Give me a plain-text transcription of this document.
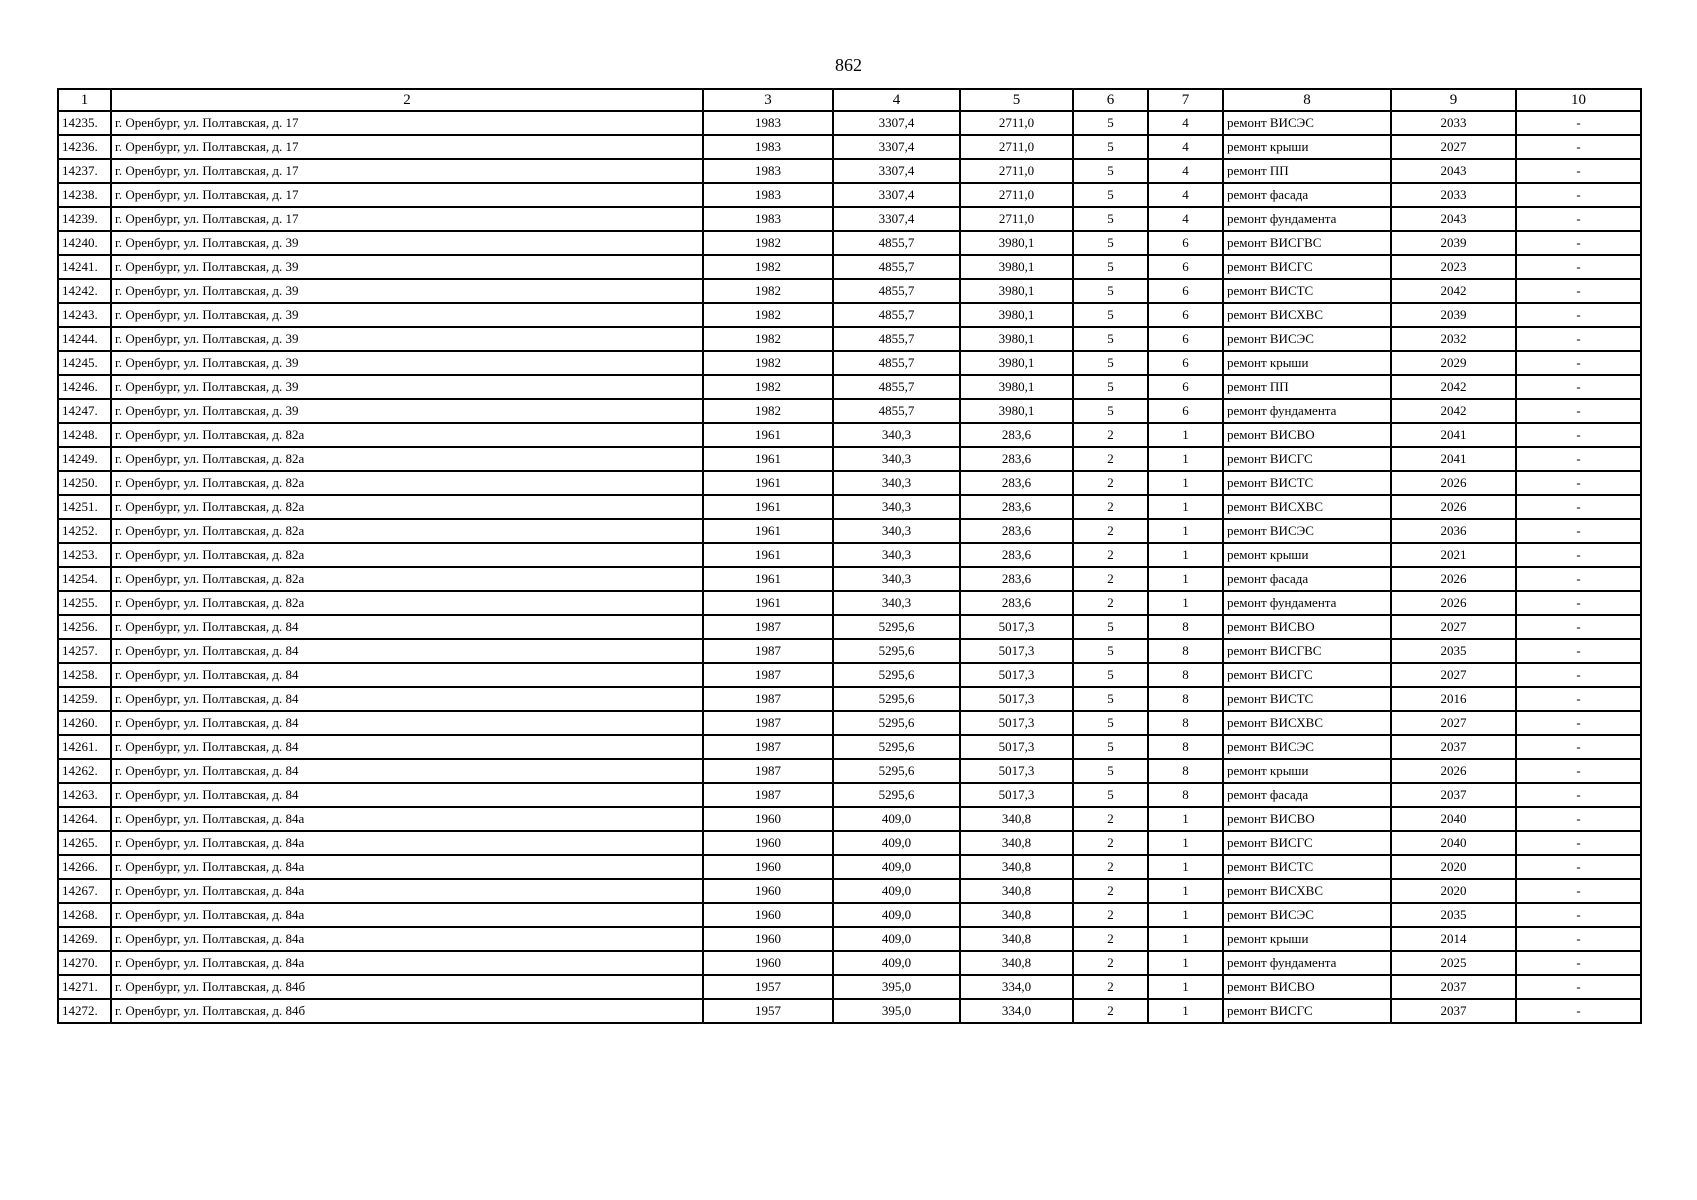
862
1	2	3	4	5	6	7	8	9	10
14235.	г. Оренбург, ул. Полтавская, д. 17	1983	3307,4	2711,0	5	4	ремонт ВИСЭС	2033	-
14236.	г. Оренбург, ул. Полтавская, д. 17	1983	3307,4	2711,0	5	4	ремонт крыши	2027	-
14237.	г. Оренбург, ул. Полтавская, д. 17	1983	3307,4	2711,0	5	4	ремонт ПП	2043	-
14238.	г. Оренбург, ул. Полтавская, д. 17	1983	3307,4	2711,0	5	4	ремонт фасада	2033	-
14239.	г. Оренбург, ул. Полтавская, д. 17	1983	3307,4	2711,0	5	4	ремонт фундамента	2043	-
14240.	г. Оренбург, ул. Полтавская, д. 39	1982	4855,7	3980,1	5	6	ремонт ВИСГВС	2039	-
14241.	г. Оренбург, ул. Полтавская, д. 39	1982	4855,7	3980,1	5	6	ремонт ВИСГС	2023	-
14242.	г. Оренбург, ул. Полтавская, д. 39	1982	4855,7	3980,1	5	6	ремонт ВИСТС	2042	-
14243.	г. Оренбург, ул. Полтавская, д. 39	1982	4855,7	3980,1	5	6	ремонт ВИСХВС	2039	-
14244.	г. Оренбург, ул. Полтавская, д. 39	1982	4855,7	3980,1	5	6	ремонт ВИСЭС	2032	-
14245.	г. Оренбург, ул. Полтавская, д. 39	1982	4855,7	3980,1	5	6	ремонт крыши	2029	-
14246.	г. Оренбург, ул. Полтавская, д. 39	1982	4855,7	3980,1	5	6	ремонт ПП	2042	-
14247.	г. Оренбург, ул. Полтавская, д. 39	1982	4855,7	3980,1	5	6	ремонт фундамента	2042	-
14248.	г. Оренбург, ул. Полтавская, д. 82а	1961	340,3	283,6	2	1	ремонт ВИСВО	2041	-
14249.	г. Оренбург, ул. Полтавская, д. 82а	1961	340,3	283,6	2	1	ремонт ВИСГС	2041	-
14250.	г. Оренбург, ул. Полтавская, д. 82а	1961	340,3	283,6	2	1	ремонт ВИСТС	2026	-
14251.	г. Оренбург, ул. Полтавская, д. 82а	1961	340,3	283,6	2	1	ремонт ВИСХВС	2026	-
14252.	г. Оренбург, ул. Полтавская, д. 82а	1961	340,3	283,6	2	1	ремонт ВИСЭС	2036	-
14253.	г. Оренбург, ул. Полтавская, д. 82а	1961	340,3	283,6	2	1	ремонт крыши	2021	-
14254.	г. Оренбург, ул. Полтавская, д. 82а	1961	340,3	283,6	2	1	ремонт фасада	2026	-
14255.	г. Оренбург, ул. Полтавская, д. 82а	1961	340,3	283,6	2	1	ремонт фундамента	2026	-
14256.	г. Оренбург, ул. Полтавская, д. 84	1987	5295,6	5017,3	5	8	ремонт ВИСВО	2027	-
14257.	г. Оренбург, ул. Полтавская, д. 84	1987	5295,6	5017,3	5	8	ремонт ВИСГВС	2035	-
14258.	г. Оренбург, ул. Полтавская, д. 84	1987	5295,6	5017,3	5	8	ремонт ВИСГС	2027	-
14259.	г. Оренбург, ул. Полтавская, д. 84	1987	5295,6	5017,3	5	8	ремонт ВИСТС	2016	-
14260.	г. Оренбург, ул. Полтавская, д. 84	1987	5295,6	5017,3	5	8	ремонт ВИСХВС	2027	-
14261.	г. Оренбург, ул. Полтавская, д. 84	1987	5295,6	5017,3	5	8	ремонт ВИСЭС	2037	-
14262.	г. Оренбург, ул. Полтавская, д. 84	1987	5295,6	5017,3	5	8	ремонт крыши	2026	-
14263.	г. Оренбург, ул. Полтавская, д. 84	1987	5295,6	5017,3	5	8	ремонт фасада	2037	-
14264.	г. Оренбург, ул. Полтавская, д. 84а	1960	409,0	340,8	2	1	ремонт ВИСВО	2040	-
14265.	г. Оренбург, ул. Полтавская, д. 84а	1960	409,0	340,8	2	1	ремонт ВИСГС	2040	-
14266.	г. Оренбург, ул. Полтавская, д. 84а	1960	409,0	340,8	2	1	ремонт ВИСТС	2020	-
14267.	г. Оренбург, ул. Полтавская, д. 84а	1960	409,0	340,8	2	1	ремонт ВИСХВС	2020	-
14268.	г. Оренбург, ул. Полтавская, д. 84а	1960	409,0	340,8	2	1	ремонт ВИСЭС	2035	-
14269.	г. Оренбург, ул. Полтавская, д. 84а	1960	409,0	340,8	2	1	ремонт крыши	2014	-
14270.	г. Оренбург, ул. Полтавская, д. 84а	1960	409,0	340,8	2	1	ремонт фундамента	2025	-
14271.	г. Оренбург, ул. Полтавская, д. 84б	1957	395,0	334,0	2	1	ремонт ВИСВО	2037	-
14272.	г. Оренбург, ул. Полтавская, д. 84б	1957	395,0	334,0	2	1	ремонт ВИСГС	2037	-
